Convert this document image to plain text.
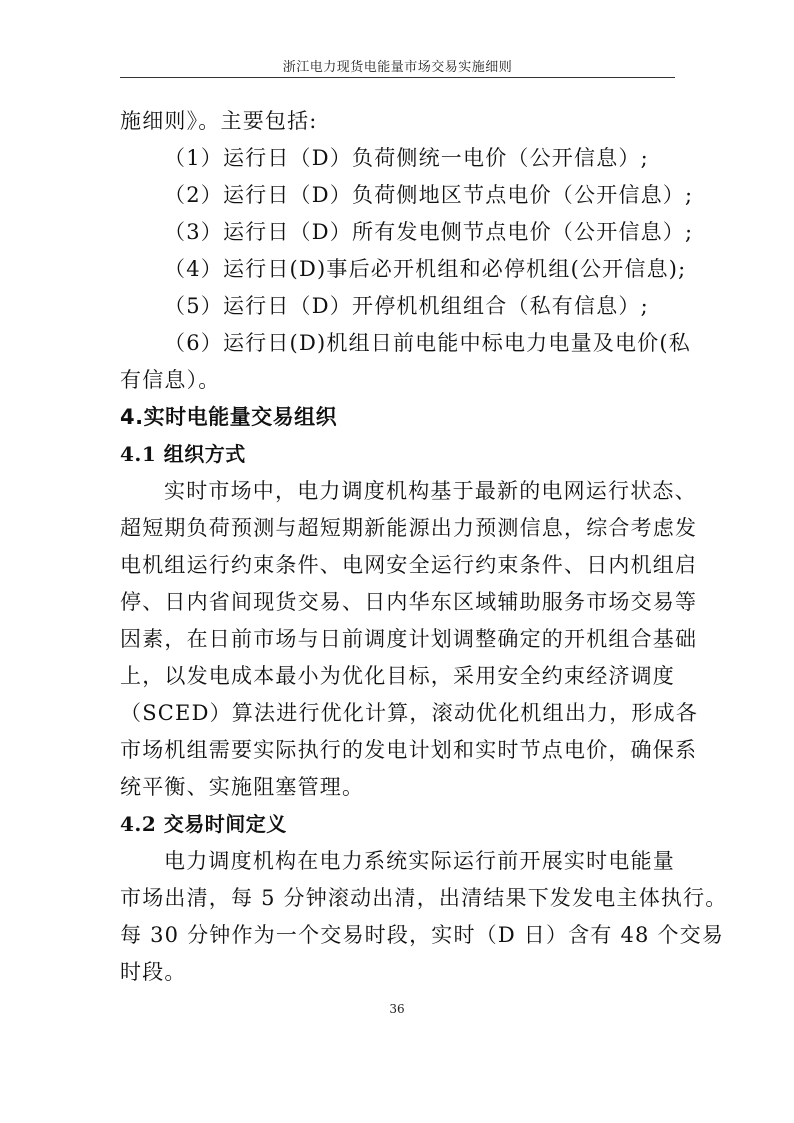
浙江电力现货电能量市场交易实施细则
施细则》。主要包括:
（1）运行日（D）负荷侧统一电价（公开信息）;
（2）运行日（D）负荷侧地区节点电价（公开信息）;
（3）运行日（D）所有发电侧节点电价（公开信息）;
（4）运行日(D)事后必开机组和必停机组(公开信息);
（5）运行日（D）开停机机组组合（私有信息）;
（6）运行日(D)机组日前电能中标电力电量及电价(私
有信息）。
4.实时电能量交易组织
4.1 组织方式
实时市场中，电力调度机构基于最新的电网运行状态、
超短期负荷预测与超短期新能源出力预测信息，综合考虑发
电机组运行约束条件、电网安全运行约束条件、日内机组启
停、日内省间现货交易、日内华东区域辅助服务市场交易等
因素，在日前市场与日前调度计划调整确定的开机组合基础
上，以发电成本最小为优化目标，采用安全约束经济调度
（SCED）算法进行优化计算，滚动优化机组出力，形成各
市场机组需要实际执行的发电计划和实时节点电价，确保系
统平衡、实施阻塞管理。
4.2 交易时间定义
电力调度机构在电力系统实际运行前开展实时电能量
市场出清，每 5 分钟滚动出清，出清结果下发发电主体执行。
每 30 分钟作为一个交易时段，实时（D 日）含有 48 个交易
时段。
36
